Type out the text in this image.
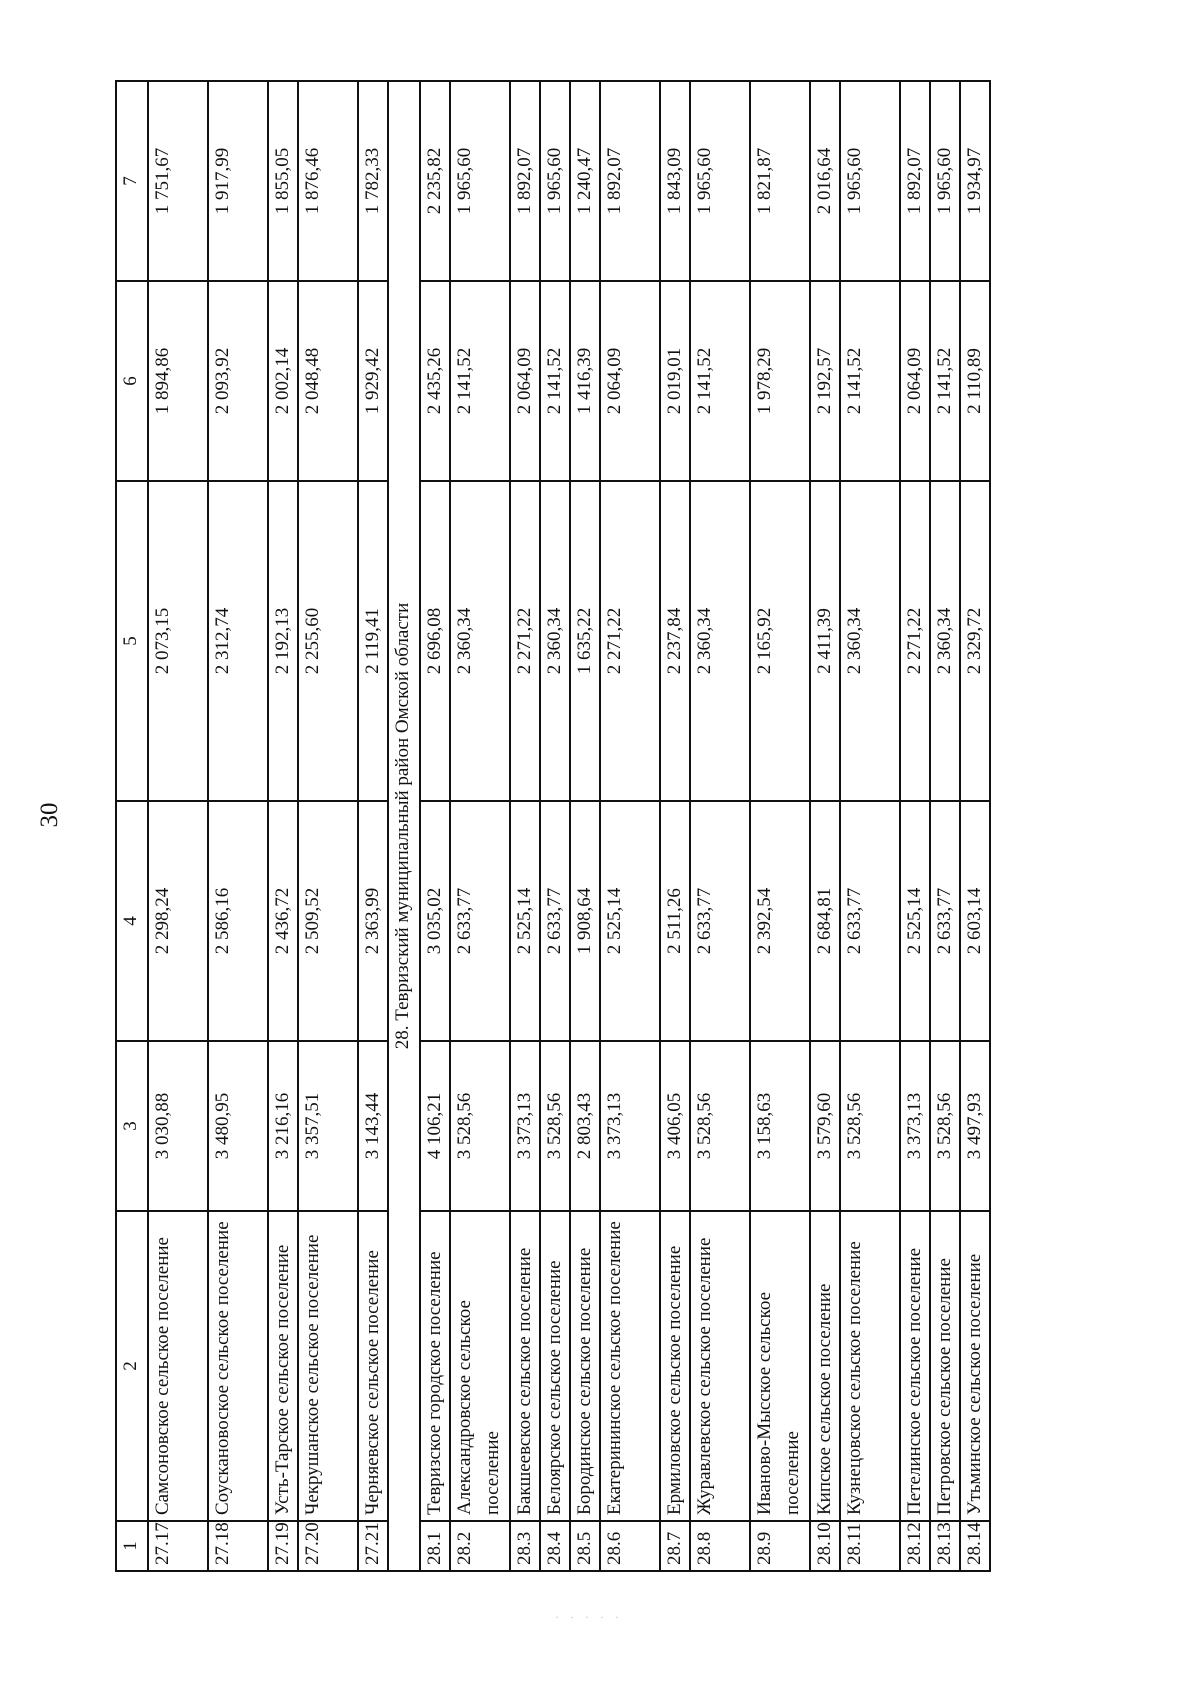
30
1	2	3	4	5	6	7
27.17	Самсоновское сельское поселение	3 030,88	2 298,24	2 073,15	1 894,86	1 751,67
27.18	Соусканово​ское сельское поселение	3 480,95	2 586,16	2 312,74	2 093,92	1 917,99
27.19	Усть-Тарское сельское поселение	3 216,16	2 436,72	2 192,13	2 002,14	1 855,05
27.20	Чекрушанское сельское поселение	3 357,51	2 509,52	2 255,60	2 048,48	1 876,46
27.21	Черняевское сельское поселение	3 143,44	2 363,99	2 119,41	1 929,42	1 782,33
28. Тевризский муниципальный район Омской области						
28.1	Тевризское городское поселение	4 106,21	3 035,02	2 696,08	2 435,26	2 235,82
28.2	Александровское сельское поселение	3 528,56	2 633,77	2 360,34	2 141,52	1 965,60
28.3	Бакшеевское сельское поселение	3 373,13	2 525,14	2 271,22	2 064,09	1 892,07
28.4	Белоярское сельское поселение	3 528,56	2 633,77	2 360,34	2 141,52	1 965,60
28.5	Бородинское сельское поселение	2 803,43	1 908,64	1 635,22	1 416,39	1 240,47
28.6	Екатерининское сельское поселение	3 373,13	2 525,14	2 271,22	2 064,09	1 892,07
28.7	Ермиловское сельское поселение	3 406,05	2 511,26	2 237,84	2 019,01	1 843,09
28.8	Журавлевское сельское поселение	3 528,56	2 633,77	2 360,34	2 141,52	1 965,60
28.9	Иваново-Мысское сельское поселение	3 158,63	2 392,54	2 165,92	1 978,29	1 821,87
28.10	Кипское сельское поселение	3 579,60	2 684,81	2 411,39	2 192,57	2 016,64
28.11	Кузнецовское сельское поселение	3 528,56	2 633,77	2 360,34	2 141,52	1 965,60
28.12	Петелинское сельское поселение	3 373,13	2 525,14	2 271,22	2 064,09	1 892,07
28.13	Петровское сельское поселение	3 528,56	2 633,77	2 360,34	2 141,52	1 965,60
28.14	Утьминское сельское поселение	3 497,93	2 603,14	2 329,72	2 110,89	1 934,97
· · · · ·
